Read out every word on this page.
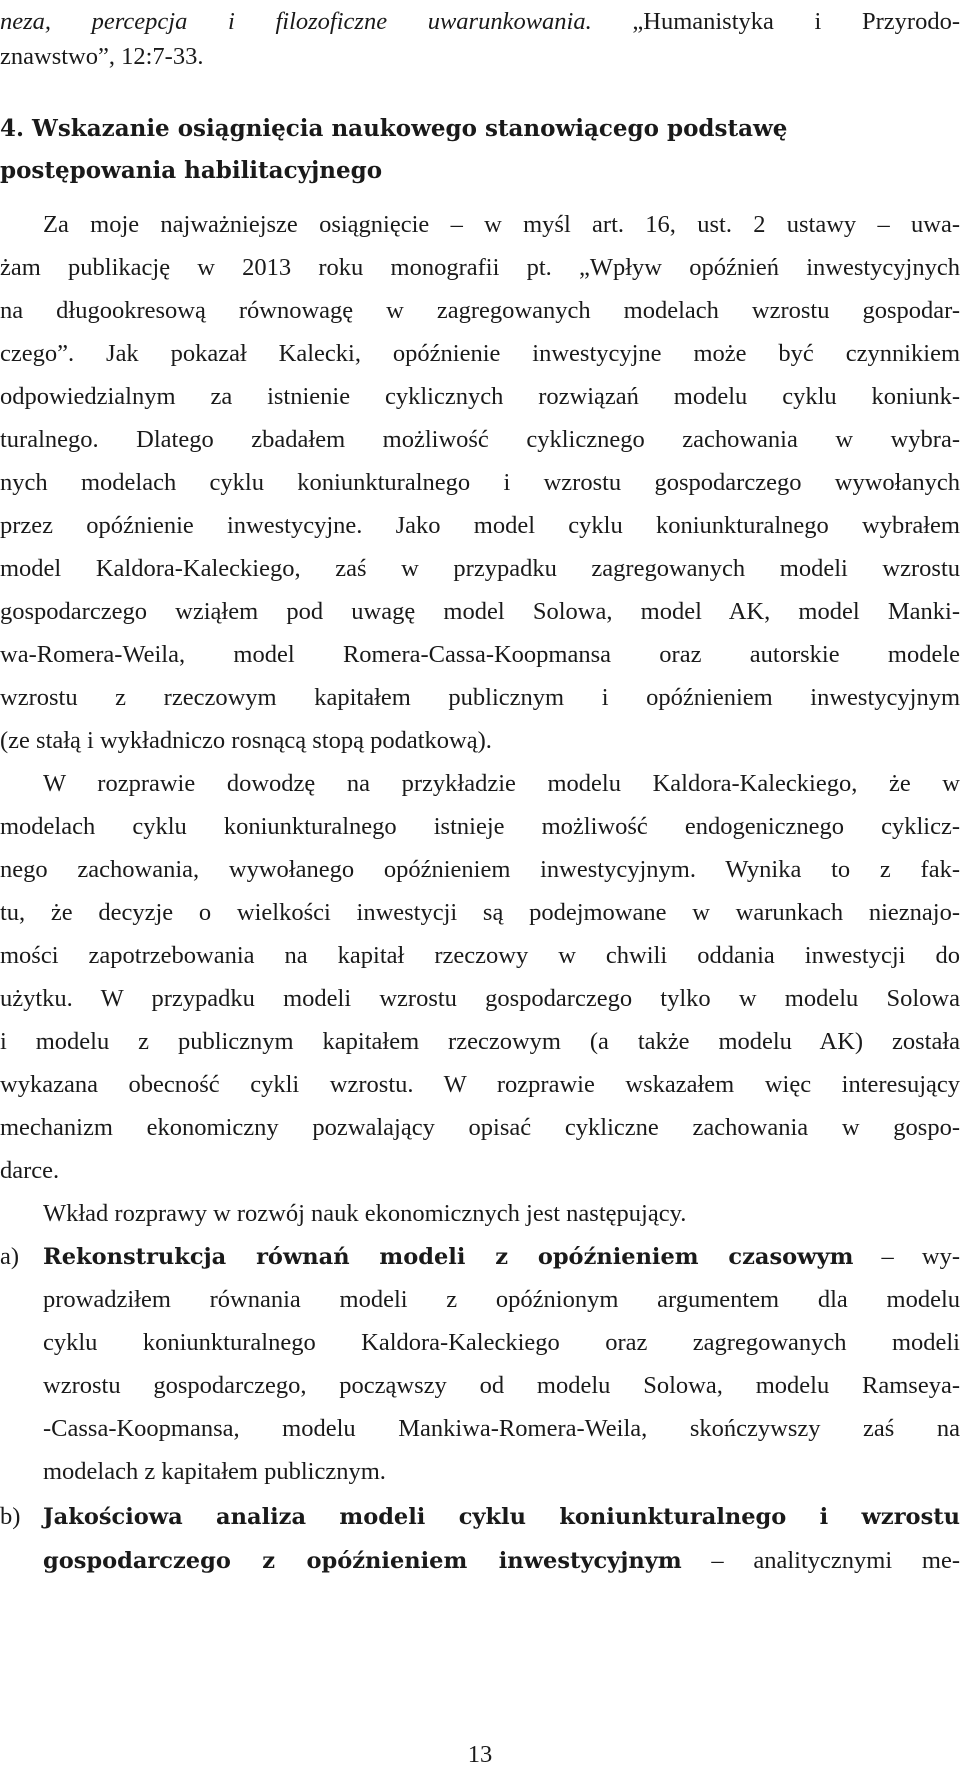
neza, percepcja i filozoficzne uwarunkowania. „Humanistyka i Przyrodo-
znawstwo”, 12:7-33.
4. Wskazanie osiągnięcia naukowego stanowiącego podstawę
postępowania habilitacyjnego
Za moje najważniejsze osiągnięcie – w myśl art. 16, ust. 2 ustawy – uwa-
żam publikację w 2013 roku monografii pt. „Wpływ opóźnień inwestycyjnych
na długookresową równowagę w zagregowanych modelach wzrostu gospodar-
czego”. Jak pokazał Kalecki, opóźnienie inwestycyjne może być czynnikiem
odpowiedzialnym za istnienie cyklicznych rozwiązań modelu cyklu koniunk-
turalnego. Dlatego zbadałem możliwość cyklicznego zachowania w wybra-
nych modelach cyklu koniunkturalnego i wzrostu gospodarczego wywołanych
przez opóźnienie inwestycyjne. Jako model cyklu koniunkturalnego wybrałem
model Kaldora-Kaleckiego, zaś w przypadku zagregowanych modeli wzrostu
gospodarczego wziąłem pod uwagę model Solowa, model AK, model Manki-
wa-Romera-Weila, model Romera-Cassa-Koopmansa oraz autorskie modele
wzrostu z rzeczowym kapitałem publicznym i opóźnieniem inwestycyjnym
(ze stałą i wykładniczo rosnącą stopą podatkową).
W rozprawie dowodzę na przykładzie modelu Kaldora-Kaleckiego, że w
modelach cyklu koniunkturalnego istnieje możliwość endogenicznego cyklicz-
nego zachowania, wywołanego opóźnieniem inwestycyjnym. Wynika to z fak-
tu, że decyzje o wielkości inwestycji są podejmowane w warunkach nieznajo-
mości zapotrzebowania na kapitał rzeczowy w chwili oddania inwestycji do
użytku. W przypadku modeli wzrostu gospodarczego tylko w modelu Solowa
i modelu z publicznym kapitałem rzeczowym (a także modelu AK) została
wykazana obecność cykli wzrostu. W rozprawie wskazałem więc interesujący
mechanizm ekonomiczny pozwalający opisać cykliczne zachowania w gospo-
darce.
Wkład rozprawy w rozwój nauk ekonomicznych jest następujący.
a) Rekonstrukcja równań modeli z opóźnieniem czasowym – wy-
prowadziłem równania modeli z opóźnionym argumentem dla modelu
cyklu koniunkturalnego Kaldora-Kaleckiego oraz zagregowanych modeli
wzrostu gospodarczego, począwszy od modelu Solowa, modelu Ramseya-
-Cassa-Koopmansa, modelu Mankiwa-Romera-Weila, skończywszy zaś na
modelach z kapitałem publicznym.
b) Jakościowa analiza modeli cyklu koniunkturalnego i wzrostu
gospodarczego z opóźnieniem inwestycyjnym – analitycznymi me-
13
